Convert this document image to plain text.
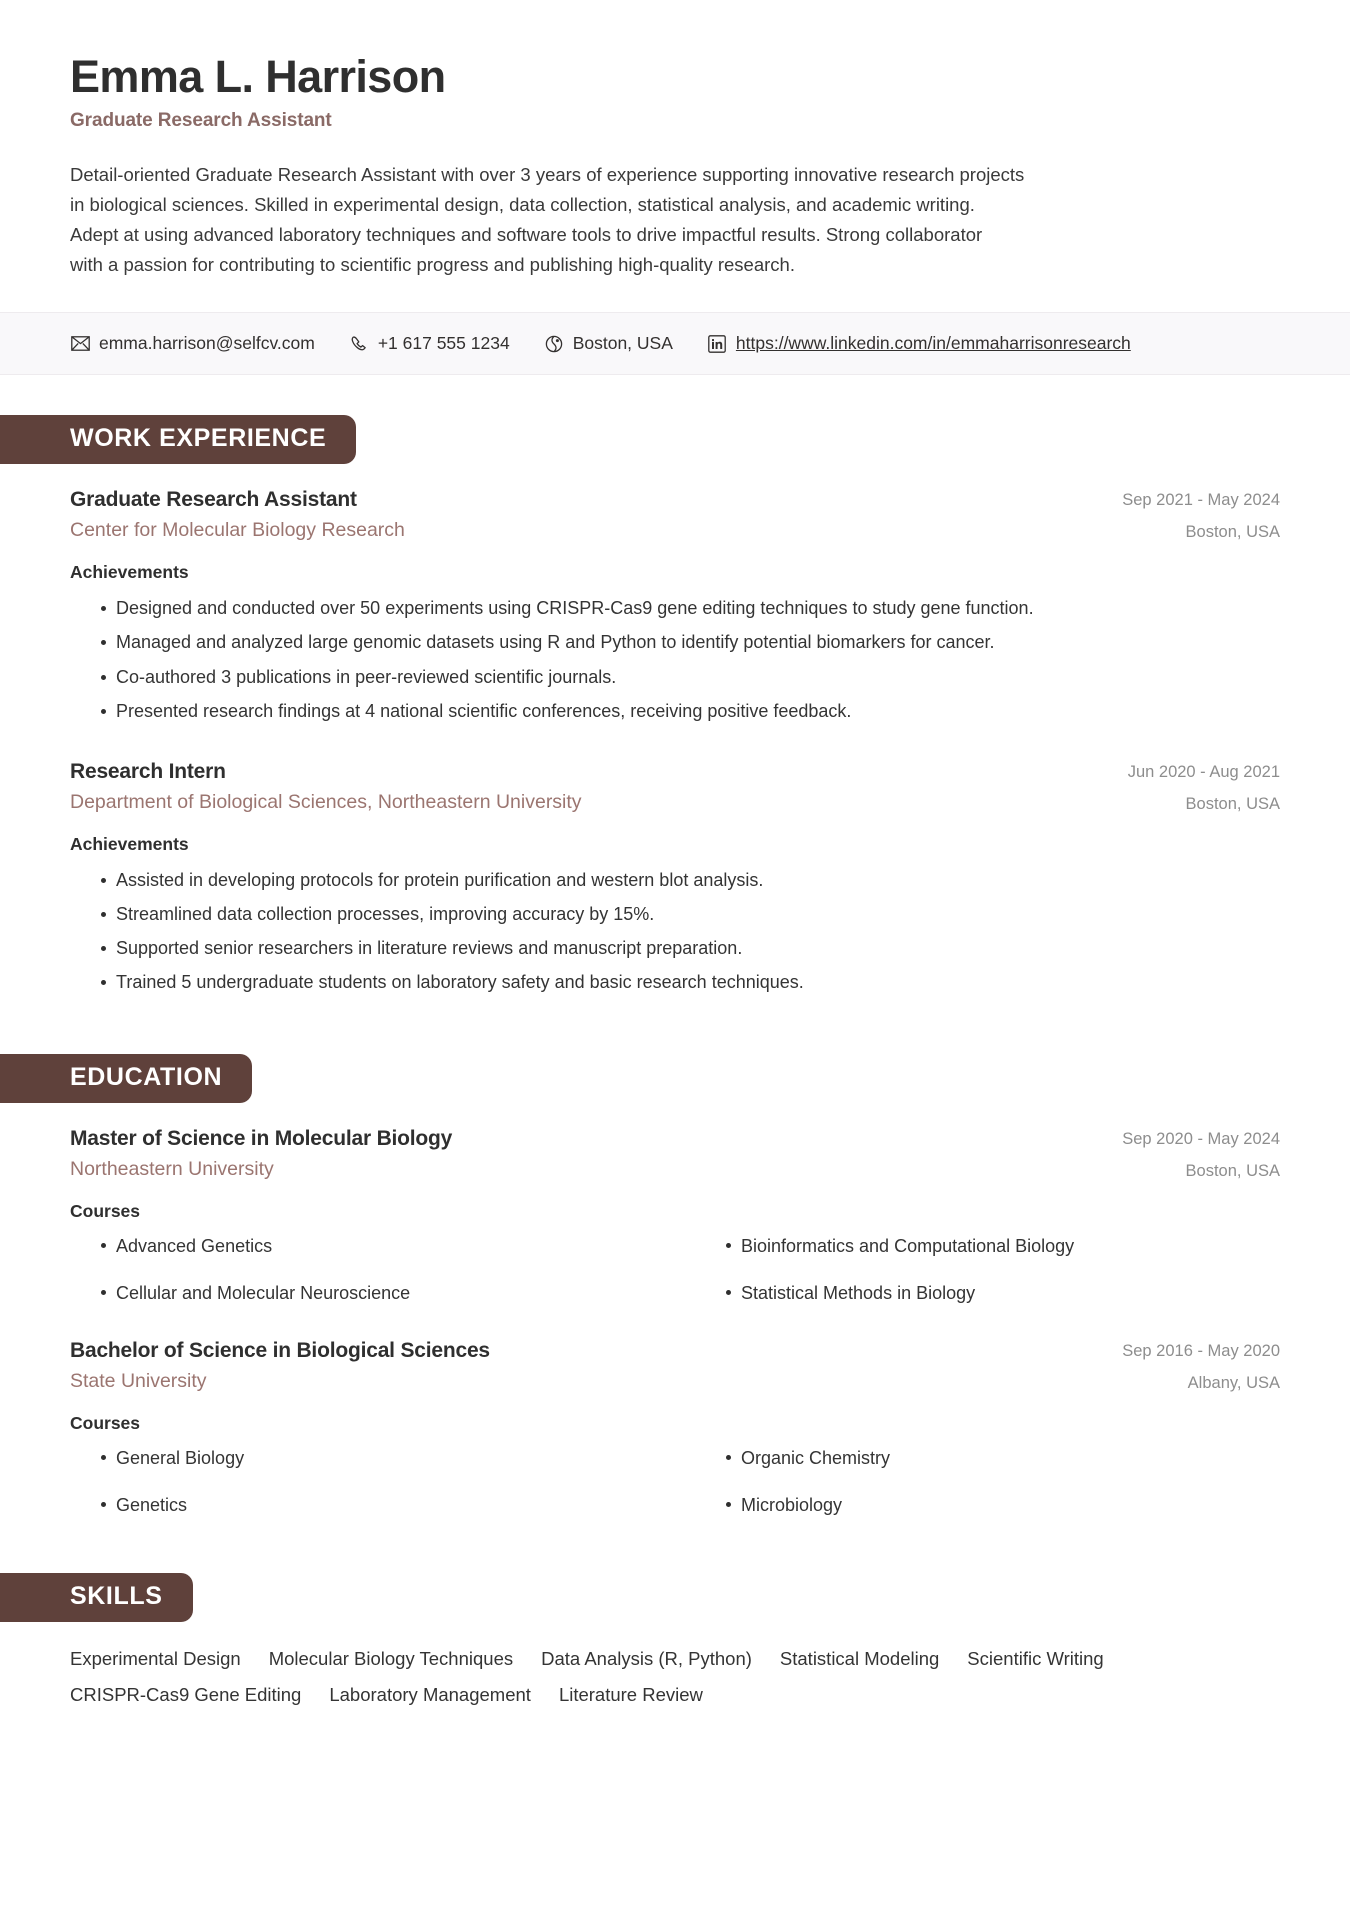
Emma L. Harrison
Graduate Research Assistant
Detail-oriented Graduate Research Assistant with over 3 years of experience supporting innovative research projects
in biological sciences. Skilled in experimental design, data collection, statistical analysis, and academic writing.
Adept at using advanced laboratory techniques and software tools to drive impactful results. Strong collaborator
with a passion for contributing to scientific progress and publishing high-quality research.
emma.harrison@selfcv.com	+1 617 555 1234	Boston, USA	https://www.linkedin.com/in/emmaharrisonresearch
WORK EXPERIENCE
Graduate Research Assistant
Center for Molecular Biology Research
Sep 2021 - May 2024
Boston, USA
Achievements
Designed and conducted over 50 experiments using CRISPR-Cas9 gene editing techniques to study gene function.
Managed and analyzed large genomic datasets using R and Python to identify potential biomarkers for cancer.
Co-authored 3 publications in peer-reviewed scientific journals.
Presented research findings at 4 national scientific conferences, receiving positive feedback.
Research Intern
Department of Biological Sciences, Northeastern University
Jun 2020 - Aug 2021
Boston, USA
Achievements
Assisted in developing protocols for protein purification and western blot analysis.
Streamlined data collection processes, improving accuracy by 15%.
Supported senior researchers in literature reviews and manuscript preparation.
Trained 5 undergraduate students on laboratory safety and basic research techniques.
EDUCATION
Master of Science in Molecular Biology
Northeastern University
Sep 2020 - May 2024
Boston, USA
Courses
Advanced Genetics	Bioinformatics and Computational Biology
Cellular and Molecular Neuroscience	Statistical Methods in Biology
Bachelor of Science in Biological Sciences
State University
Sep 2016 - May 2020
Albany, USA
Courses
General Biology	Organic Chemistry
Genetics	Microbiology
SKILLS
Experimental Design Molecular Biology Techniques Data Analysis (R, Python) Statistical Modeling Scientific Writing
CRISPR-Cas9 Gene Editing Laboratory Management Literature Review
